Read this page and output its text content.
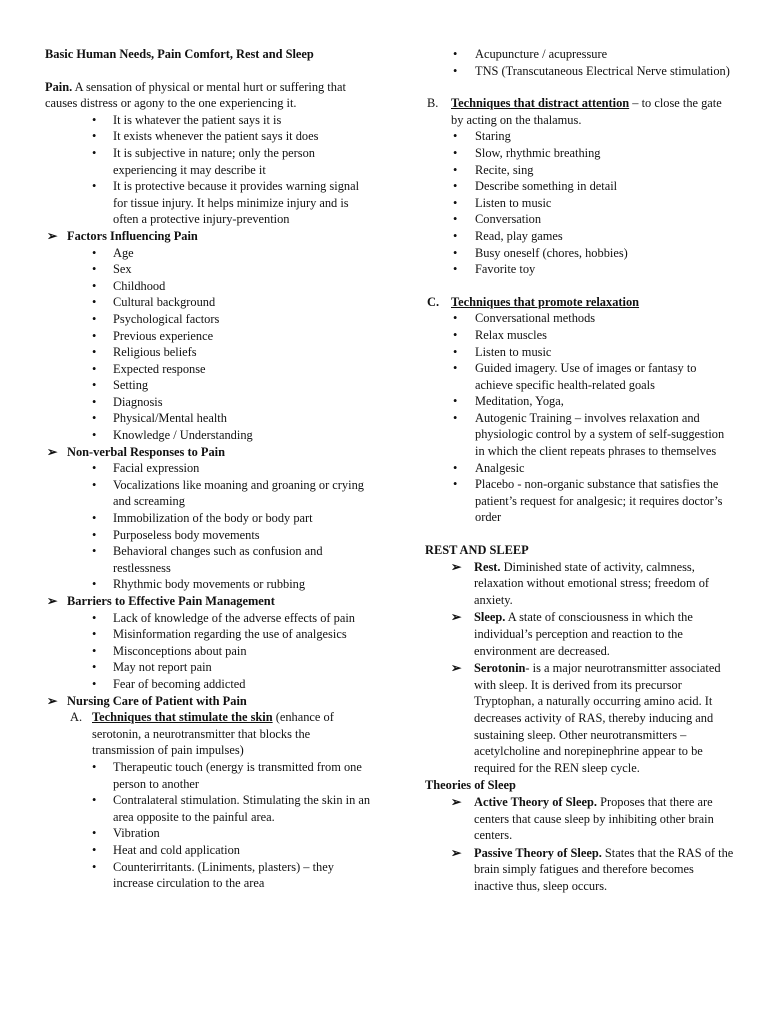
Basic Human Needs, Pain Comfort, Rest and Sleep

Pain. A sensation of physical or mental hurt or suffering that causes distress or agony to the one experiencing it.

• It is whatever the patient says it is
• It exists whenever the patient says it does
• It is subjective in nature; only the person experiencing it may describe it
• It is protective because it provides warning signal for tissue injury. It helps minimize injury and is often a protective injury-prevention
➢ Factors Influencing Pain
• Age
• Sex
• Childhood
• Cultural background
• Psychological factors
• Previous experience
• Religious beliefs
• Expected response
• Setting
• Diagnosis
• Physical/Mental health
• Knowledge / Understanding
➢ Non-verbal Responses to Pain
• Facial expression
• Vocalizations like moaning and groaning or crying and screaming
• Immobilization of the body or body part
• Purposeless body movements
• Behavioral changes such as confusion and restlessness
• Rhythmic body movements or rubbing
➢ Barriers to Effective Pain Management
• Lack of knowledge of the adverse effects of pain
• Misinformation regarding the use of analgesics
• Misconceptions about pain
• May not report pain
• Fear of becoming addicted
➢ Nursing Care of Patient with Pain
A. Techniques that stimulate the skin (enhance of serotonin, a neurotransmitter that blocks the transmission of pain impulses)
• Therapeutic touch (energy is transmitted from one person to another
• Contralateral stimulation. Stimulating the skin in an area opposite to the painful area.
• Vibration
• Heat and cold application
• Counterirritants. (Liniments, plasters) – they increase circulation to the area
• Acupuncture / acupressure
• TNS (Transcutaneous Electrical Nerve stimulation)
B. Techniques that distract attention – to close the gate by acting on the thalamus.
• Staring
• Slow, rhythmic breathing
• Recite, sing
• Describe something in detail
• Listen to music
• Conversation
• Read, play games
• Busy oneself (chores, hobbies)
• Favorite toy
C. Techniques that promote relaxation
• Conversational methods
• Relax muscles
• Listen to music
• Guided imagery. Use of images or fantasy to achieve specific health-related goals
• Meditation, Yoga,
• Autogenic Training – involves relaxation and physiologic control by a system of self-suggestion in which the client repeats phrases to themselves
• Analgesic
• Placebo - non-organic substance that satisfies the patient’s request for analgesic; it requires doctor’s order

REST AND SLEEP

➢ Rest. Diminished state of activity, calmness, relaxation without emotional stress; freedom of anxiety.
➢ Sleep. A state of consciousness in which the individual’s perception and reaction to the environment are decreased.
➢ Serotonin- is a major neurotransmitter associated with sleep. It is derived from its precursor Tryptophan, a naturally occurring amino acid. It decreases activity of RAS, thereby inducing and sustaining sleep. Other neurotransmitters – acetylcholine and norepinephrine appear to be required for the REN sleep cycle.

Theories of Sleep

➢ Active Theory of Sleep. Proposes that there are centers that cause sleep by inhibiting other brain centers.
➢ Passive Theory of Sleep. States that the RAS of the brain simply fatigues and therefore becomes inactive thus, sleep occurs.
